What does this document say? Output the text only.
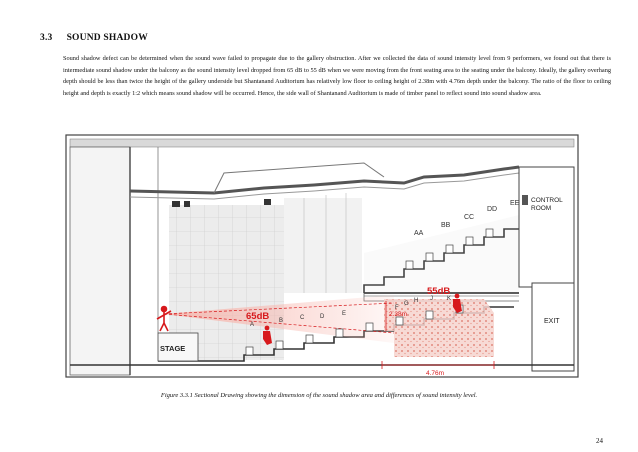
3.3 SOUND SHADOW
Sound shadow defect can be determined when the sound wave failed to propagate due to the gallery obstruction. After we collected the data of sound intensity level from 9 performers, we found out that there is intermediate sound shadow under the balcony as the sound intensity level dropped from 65 dB to 55 dB when we were moving from the front seating area to the seating under the balcony. Ideally, the gallery overhang depth should be less than twice the height of the gallery underside but Shantanand Auditorium has relatively low floor to ceiling height of 2.38m with 4.76m depth under the balcony. The ratio of the floor to ceiling height and depth is exactly 1:2 which means sound shadow will be occurred. Hence, the side wall of Shantanand Auditorium is made of timber panel to reflect sound into sound shadow area.
AA
BB
CC
DD
EE CONTROL
ROOM
EXIT
STAGE
A
B	C	D	E
F
G H J K
65dB
55dB
2.38m
4.76m
Figure 3.3.1 Sectional Drawing showing the dimension of the sound shadow area and differences of sound intensity level.
24
